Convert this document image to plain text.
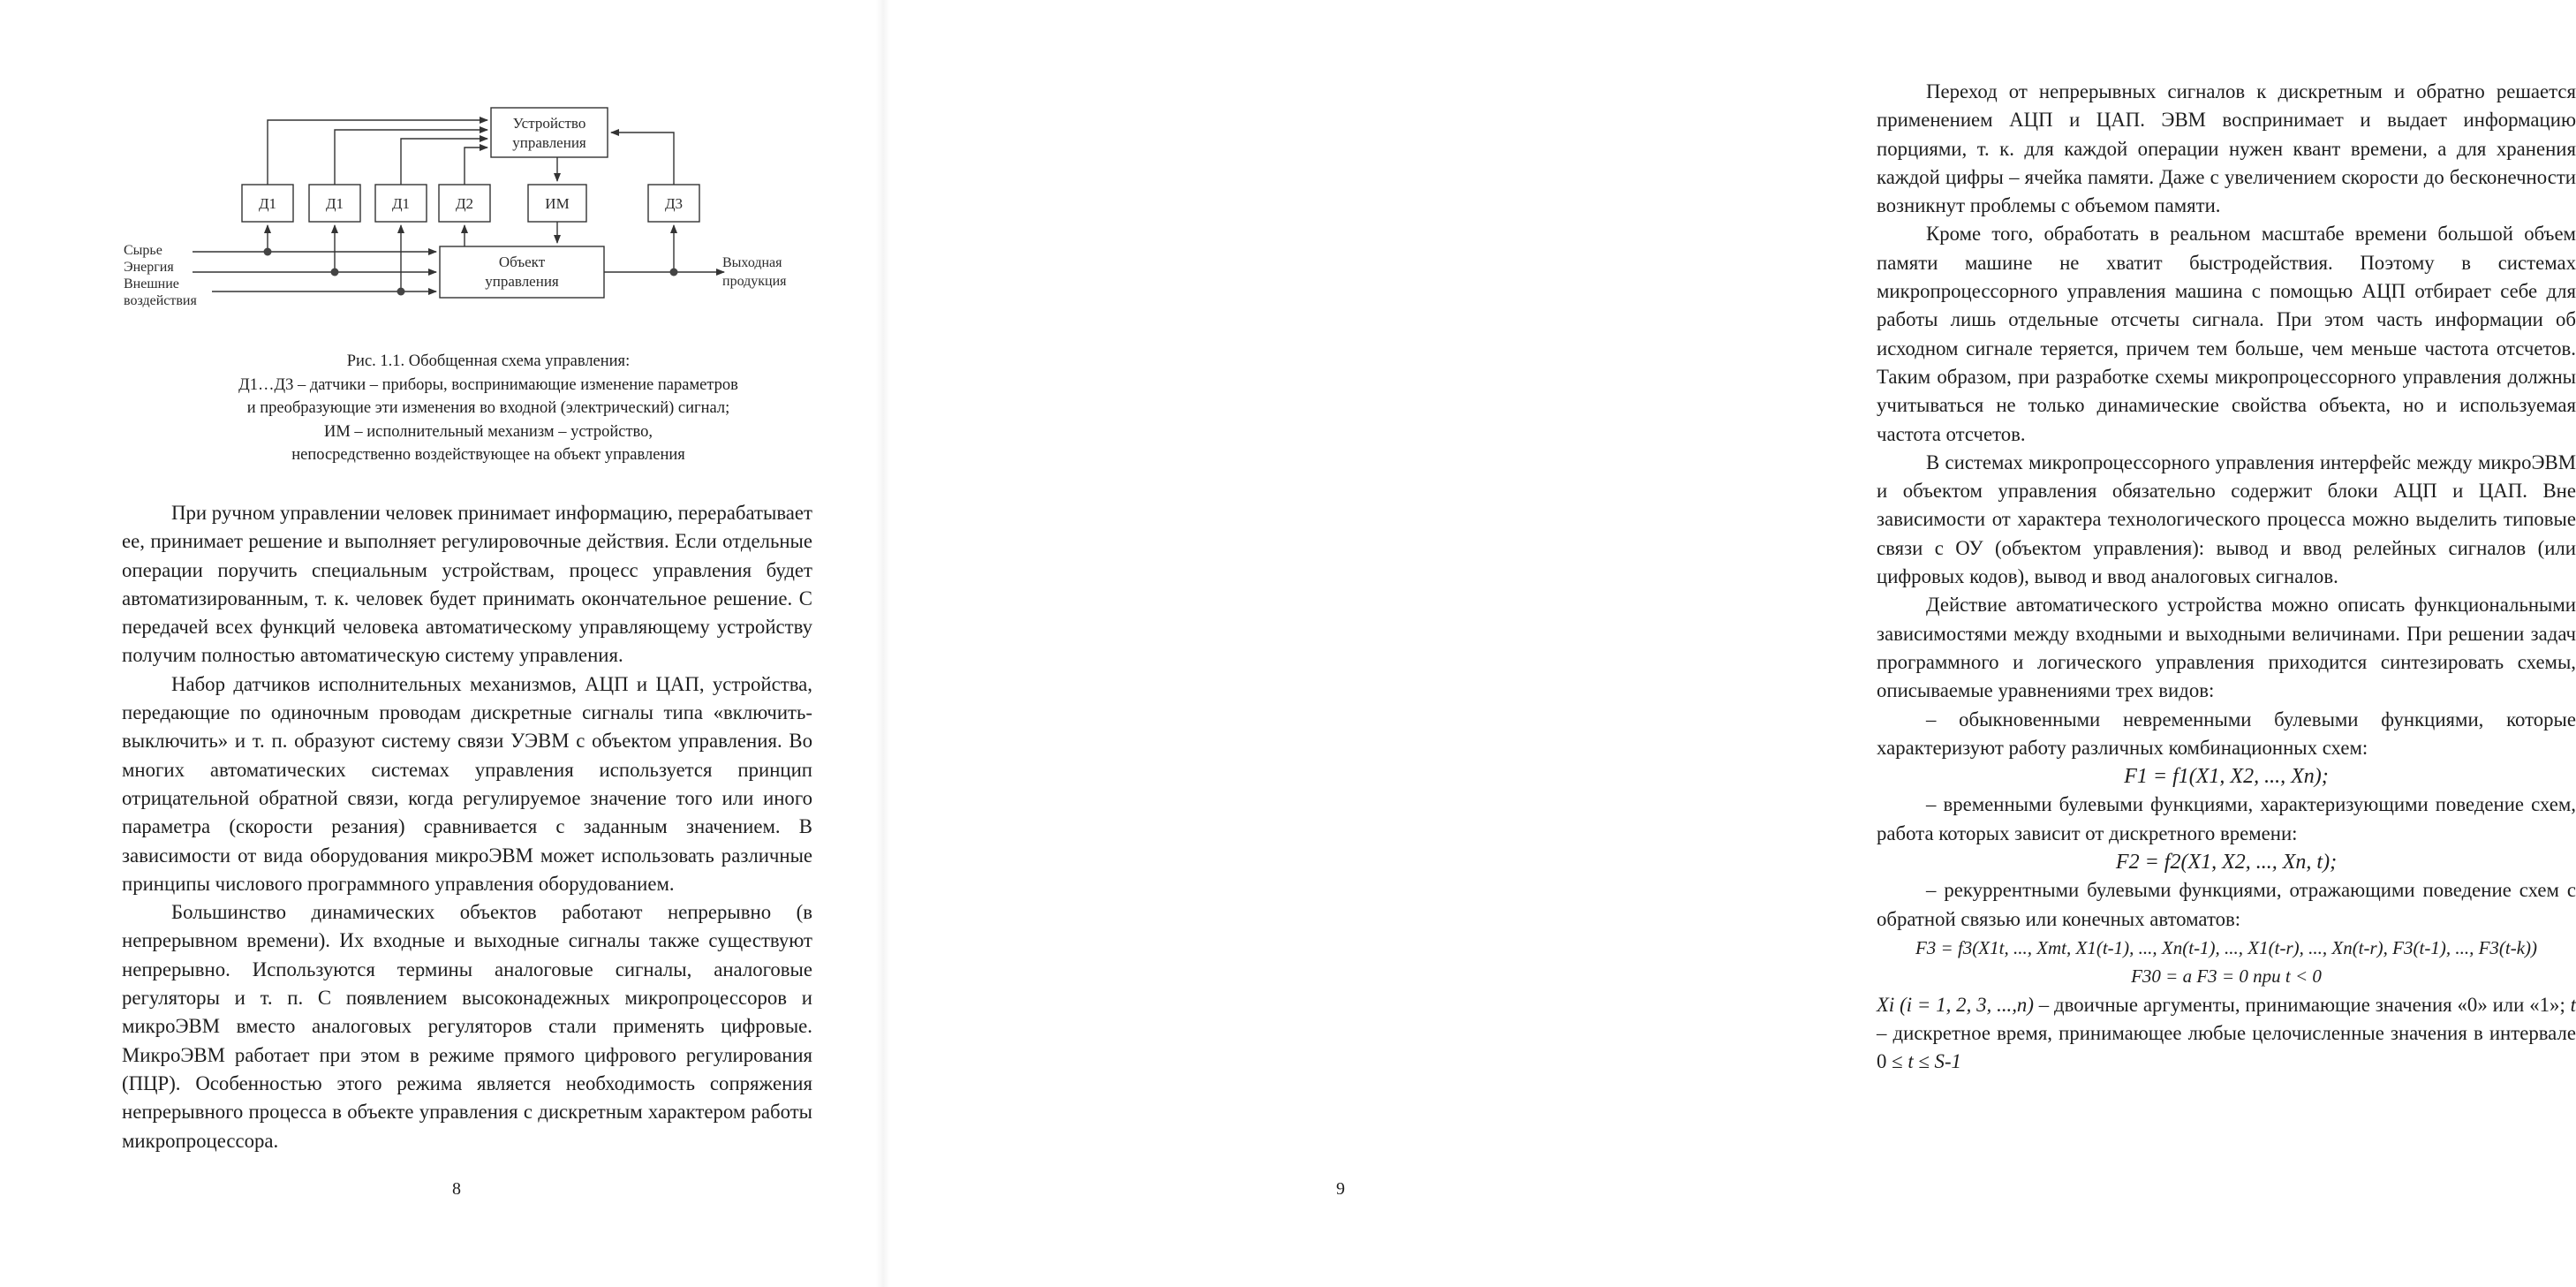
Устройство
управления
Объект
управления
Д1	Д1	Д1	Д2	ИМ	Д3
Сырье
Энергия
Внешние
воздействия
Выходная
продукция
Рис. 1.1. Обобщенная схема управления:
Д1…Д3 – датчики – приборы, воспринимающие изменение параметров
и преобразующие эти изменения во входной (электрический) сигнал;
ИМ – исполнительный механизм – устройство,
непосредственно воздействующее на объект управления

При ручном управлении человек принимает информацию, перерабатывает ее, принимает решение и выполняет регулировочные действия. Если отдельные операции поручить специальным устройствам, процесс управления будет автоматизированным, т. к. человек будет принимать окончательное решение. С передачей всех функций человека автоматическому управляющему устройству получим полностью автоматическую систему управления.

Набор датчиков исполнительных механизмов, АЦП и ЦАП, устройства, передающие по одиночным проводам дискретные сигналы типа «включить-выключить» и т. п. образуют систему связи УЭВМ с объектом управления. Во многих автоматических системах управления используется принцип отрицательной обратной связи, когда регулируемое значение того или иного параметра (скорости резания) сравнивается с заданным значением. В зависимости от вида оборудования микроЭВМ может использовать различные принципы числового программного управления оборудованием.

Большинство динамических объектов работают непрерывно (в непрерывном времени). Их входные и выходные сигналы также существуют непрерывно. Используются термины аналоговые сигналы, аналоговые регуляторы и т. п. С появлением высоконадежных микропроцессоров и микроЭВМ вместо аналоговых регуляторов стали применять цифровые. МикроЭВМ работает при этом в режиме прямого цифрового регулирования (ПЦР). Особенностью этого режима является необходимость сопряжения непрерывного процесса в объекте управления с дискретным характером работы микропроцессора.

8

Переход от непрерывных сигналов к дискретным и обратно решается применением АЦП и ЦАП. ЭВМ воспринимает и выдает информацию порциями, т. к. для каждой операции нужен квант времени, а для хранения каждой цифры – ячейка памяти. Даже с увеличением скорости до бесконечности возникнут проблемы с объемом памяти.

Кроме того, обработать в реальном масштабе времени большой объем памяти машине не хватит быстродействия. Поэтому в системах микропроцессорного управления машина с помощью АЦП отбирает себе для работы лишь отдельные отсчеты сигнала. При этом часть информации об исходном сигнале теряется, причем тем больше, чем меньше частота отсчетов. Таким образом, при разработке схемы микропроцессорного управления должны учитываться не только динамические свойства объекта, но и используемая частота отсчетов.

В системах микропроцессорного управления интерфейс между микроЭВМ и объектом управления обязательно содержит блоки АЦП и ЦАП. Вне зависимости от характера технологического процесса можно выделить типовые связи с ОУ (объектом управления): вывод и ввод релейных сигналов (или цифровых кодов), вывод и ввод аналоговых сигналов.

Действие автоматического устройства можно описать функциональными зависимостями между входными и выходными величинами. При решении задач программного и логического управления приходится синтезировать схемы, описываемые уравнениями трех видов:

– обыкновенными невременными булевыми функциями, которые характеризуют работу различных комбинационных схем:

F1 = f1(X1, X2, ..., Xn);

– временными булевыми функциями, характеризующими поведение схем, работа которых зависит от дискретного времени:

F2 = f2(X1, X2, ..., Xn, t);

– рекуррентными булевыми функциями, отражающими поведение схем с обратной связью или конечных автоматов:

F3 = f3(X1t, ..., Xmt, X1(t-1), ..., Xn(t-1), ..., X1(t-r), ..., Xn(t-r), F3(t-1), ..., F3(t-k))

F30 = a F3 = 0 при t < 0

Xi (i = 1, 2, 3, ...,n) – двоичные аргументы, принимающие значения «0» или «1»; t – дискретное время, принимающее любые целочисленные значения в интервале 0 ≤ t ≤ S-1

9
